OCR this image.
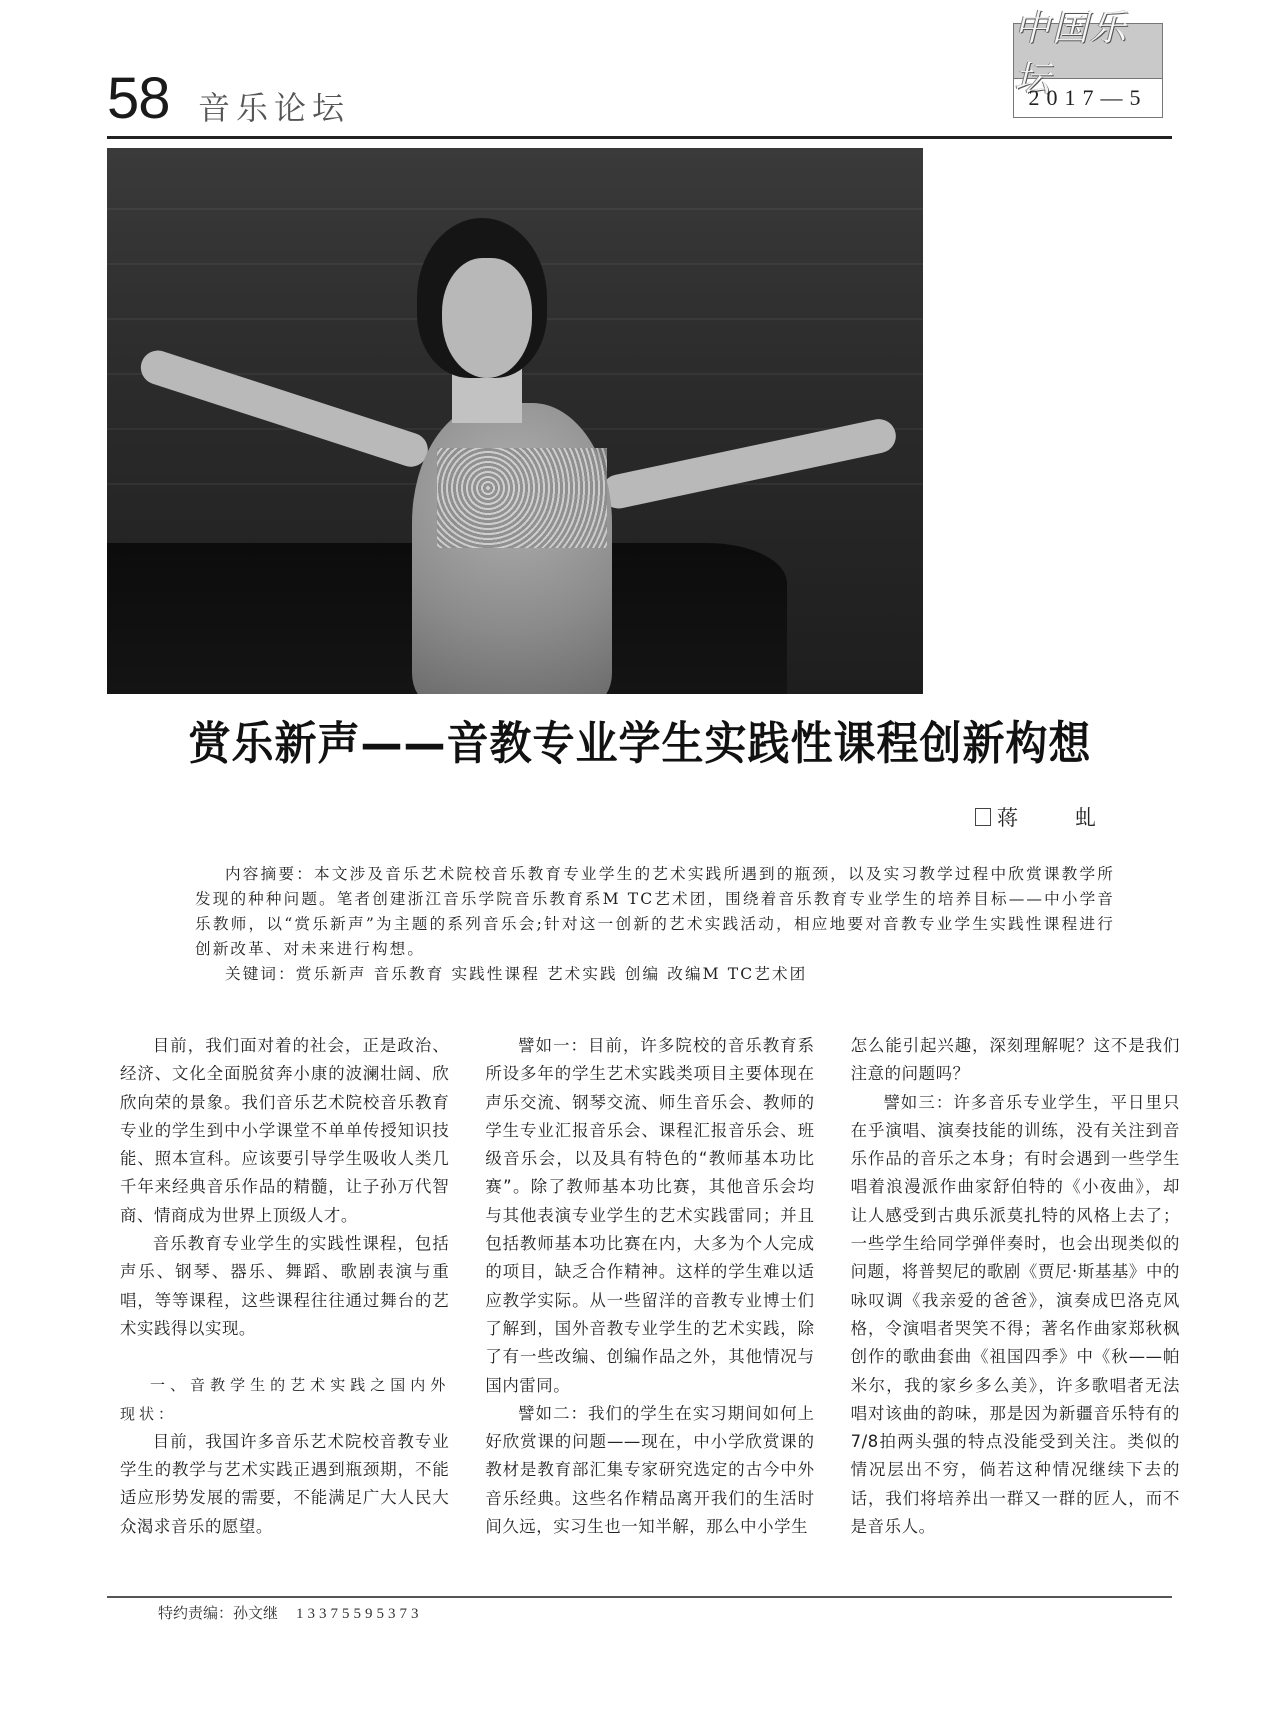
58 音乐论坛
中国乐坛
2017—5
赏乐新声——音教专业学生实践性课程创新构想
蒋　虬

内容摘要：本文涉及音乐艺术院校音乐教育专业学生的艺术实践所遇到的瓶颈，以及实习教学过程中欣赏课教学所发现的种种问题。笔者创建浙江音乐学院音乐教育系M TC艺术团，围绕着音乐教育专业学生的培养目标——中小学音乐教师，以“赏乐新声”为主题的系列音乐会;针对这一创新的艺术实践活动，相应地要对音教专业学生实践性课程进行创新改革、对未来进行构想。

关键词：赏乐新声 音乐教育 实践性课程 艺术实践 创编 改编M TC艺术团

目前，我们面对着的社会，正是政治、经济、文化全面脱贫奔小康的波澜壮阔、欣欣向荣的景象。我们音乐艺术院校音乐教育专业的学生到中小学课堂不单单传授知识技能、照本宣科。应该要引导学生吸收人类几千年来经典音乐作品的精髓，让子孙万代智商、情商成为世界上顶级人才。

音乐教育专业学生的实践性课程，包括声乐、钢琴、器乐、舞蹈、歌剧表演与重唱，等等课程，这些课程往往通过舞台的艺术实践得以实现。

一、音教学生的艺术实践之国内外现状：

目前，我国许多音乐艺术院校音教专业学生的教学与艺术实践正遇到瓶颈期，不能适应形势发展的需要，不能满足广大人民大众渴求音乐的愿望。

譬如一：目前，许多院校的音乐教育系所设多年的学生艺术实践类项目主要体现在声乐交流、钢琴交流、师生音乐会、教师的学生专业汇报音乐会、课程汇报音乐会、班级音乐会，以及具有特色的“教师基本功比赛”。除了教师基本功比赛，其他音乐会均与其他表演专业学生的艺术实践雷同；并且包括教师基本功比赛在内，大多为个人完成的项目，缺乏合作精神。这样的学生难以适应教学实际。从一些留洋的音教专业博士们了解到，国外音教专业学生的艺术实践，除了有一些改编、创编作品之外，其他情况与国内雷同。

譬如二：我们的学生在实习期间如何上好欣赏课的问题——现在，中小学欣赏课的教材是教育部汇集专家研究选定的古今中外音乐经典。这些名作精品离开我们的生活时间久远，实习生也一知半解，那么中小学生

怎么能引起兴趣，深刻理解呢？这不是我们注意的问题吗？

譬如三：许多音乐专业学生，平日里只在乎演唱、演奏技能的训练，没有关注到音乐作品的音乐之本身；有时会遇到一些学生唱着浪漫派作曲家舒伯特的《小夜曲》，却让人感受到古典乐派莫扎特的风格上去了；一些学生给同学弹伴奏时，也会出现类似的问题，将普契尼的歌剧《贾尼·斯基基》中的咏叹调《我亲爱的爸爸》，演奏成巴洛克风格，令演唱者哭笑不得；著名作曲家郑秋枫创作的歌曲套曲《祖国四季》中《秋——帕米尔，我的家乡多么美》，许多歌唱者无法唱对该曲的韵味，那是因为新疆音乐特有的7/8拍两头强的特点没能受到关注。类似的情况层出不穷，倘若这种情况继续下去的话，我们将培养出一群又一群的匠人，而不是音乐人。

特约责编：孙文继 13375595373
